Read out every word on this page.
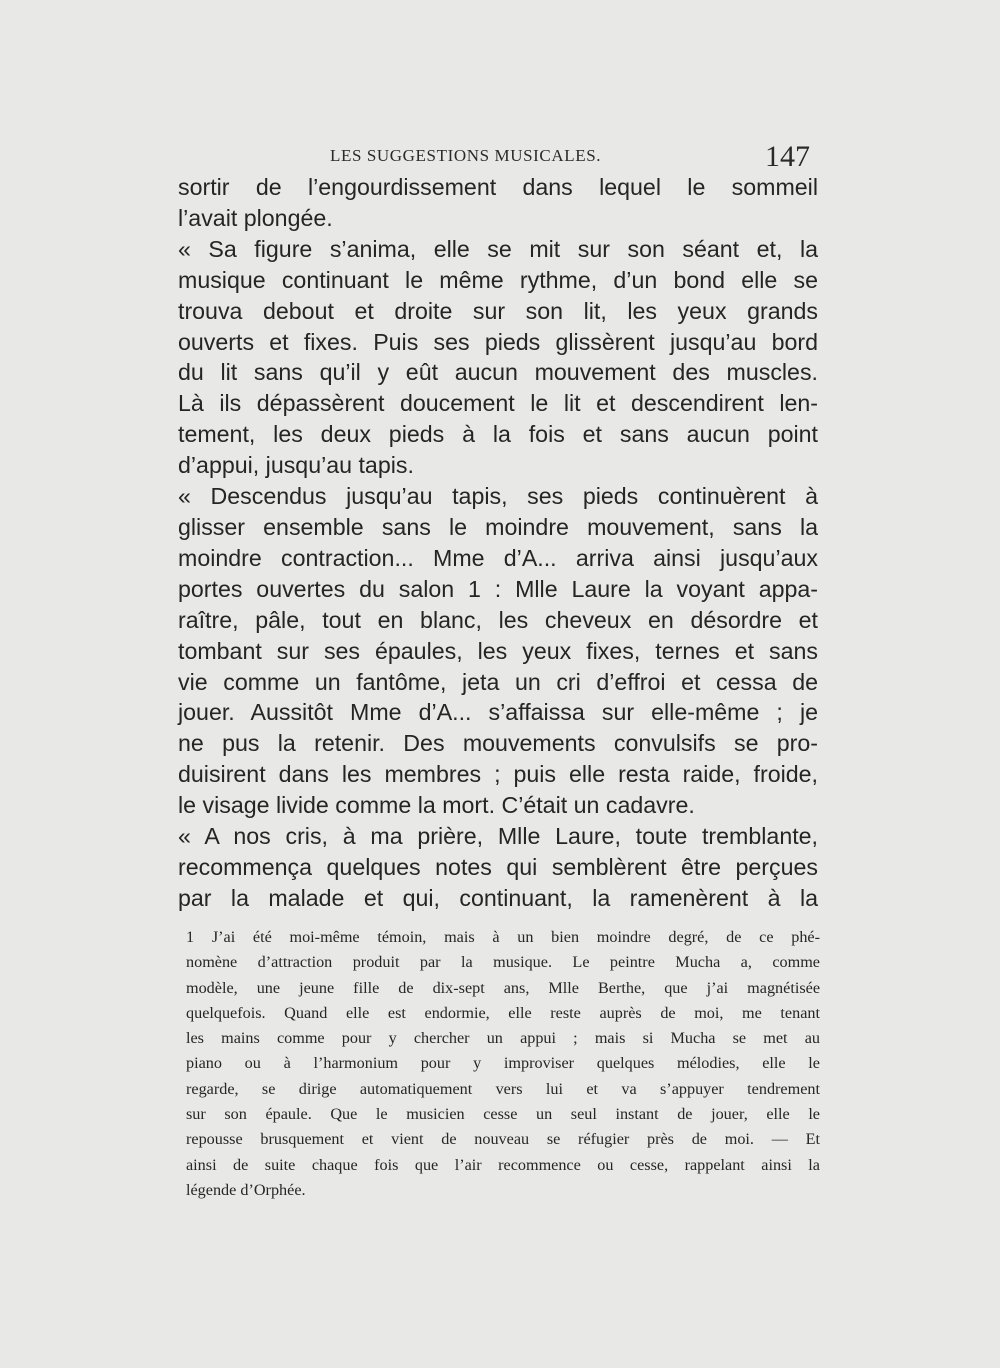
LES SUGGESTIONS MUSICALES.	147
sortir de l’engourdissement dans lequel le sommeil
l’avait plongée.
« Sa figure s’anima, elle se mit sur son séant et, la
musique continuant le même rythme, d’un bond elle se
trouva debout et droite sur son lit, les yeux grands
ouverts et fixes. Puis ses pieds glissèrent jusqu’au bord
du lit sans qu’il y eût aucun mouvement des muscles.
Là ils dépassèrent doucement le lit et descendirent len-
tement, les deux pieds à la fois et sans aucun point
d’appui, jusqu’au tapis.
« Descendus jusqu’au tapis, ses pieds continuèrent à
glisser ensemble sans le moindre mouvement, sans la
moindre contraction... Mme d’A... arriva ainsi jusqu’aux
portes ouvertes du salon 1 : Mlle Laure la voyant appa-
raître, pâle, tout en blanc, les cheveux en désordre et
tombant sur ses épaules, les yeux fixes, ternes et sans
vie comme un fantôme, jeta un cri d’effroi et cessa de
jouer. Aussitôt Mme d’A... s’affaissa sur elle-même ; je
ne pus la retenir. Des mouvements convulsifs se pro-
duisirent dans les membres ; puis elle resta raide, froide,
le visage livide comme la mort. C’était un cadavre.
« A nos cris, à ma prière, Mlle Laure, toute tremblante,
recommença quelques notes qui semblèrent être perçues
par la malade et qui, continuant, la ramenèrent à la
1 J’ai été moi-même témoin, mais à un bien moindre degré, de ce phé-
nomène d’attraction produit par la musique. Le peintre Mucha a, comme
modèle, une jeune fille de dix-sept ans, Mlle Berthe, que j’ai magnétisée
quelquefois. Quand elle est endormie, elle reste auprès de moi, me tenant
les mains comme pour y chercher un appui ; mais si Mucha se met au
piano ou à l’harmonium pour y improviser quelques mélodies, elle le
regarde, se dirige automatiquement vers lui et va s’appuyer tendrement
sur son épaule. Que le musicien cesse un seul instant de jouer, elle le
repousse brusquement et vient de nouveau se réfugier près de moi. — Et
ainsi de suite chaque fois que l’air recommence ou cesse, rappelant ainsi la
légende d’Orphée.
